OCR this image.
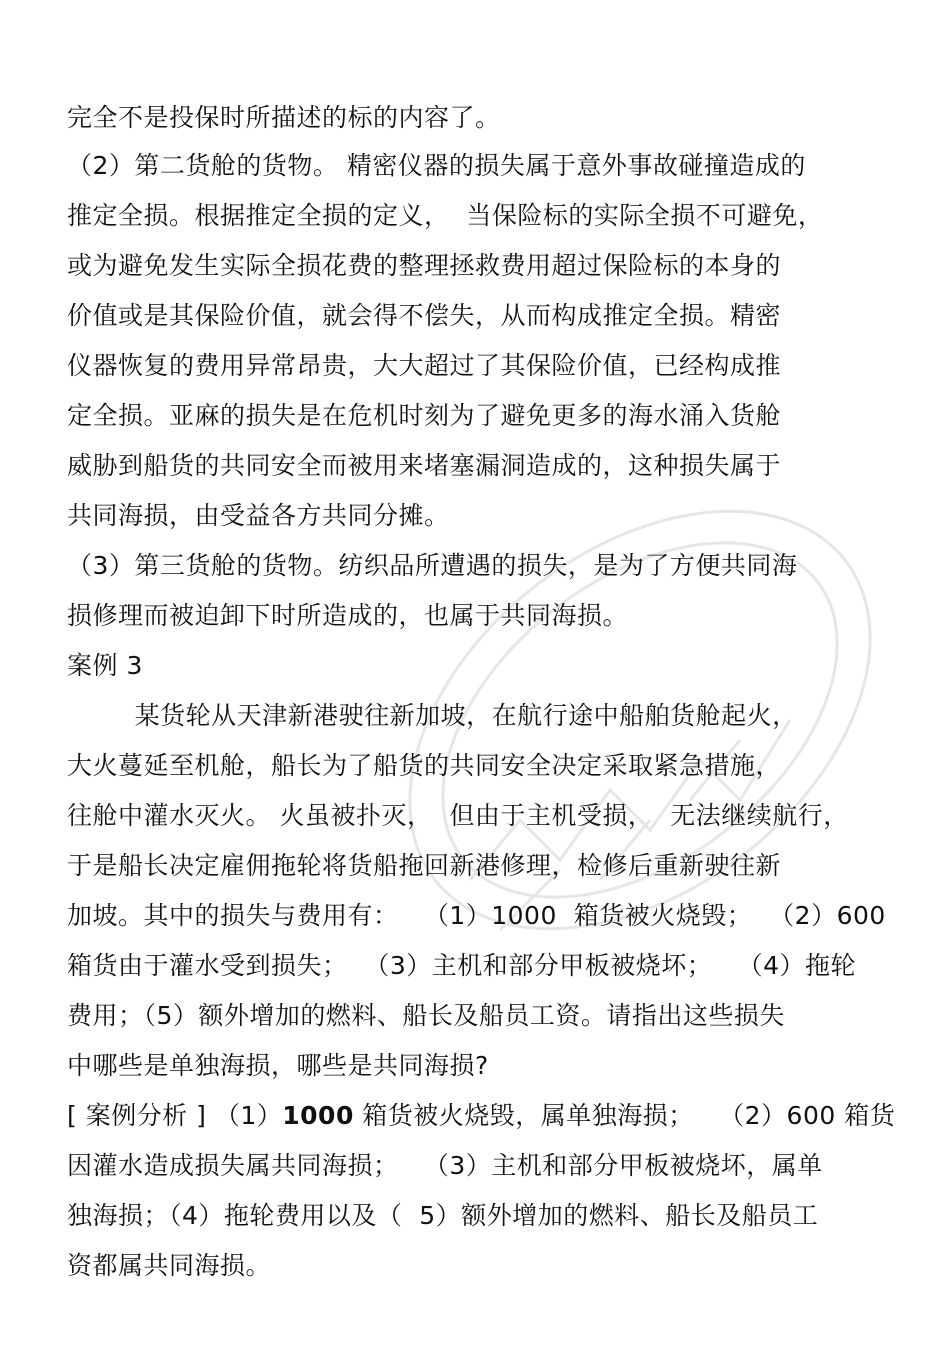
完全不是投保时所描述的标的内容了。
（2）第二货舱的货物。 精密仪器的损失属于意外事故碰撞造成的
推定全损。根据推定全损的定义，  当保险标的实际全损不可避免，
或为避免发生实际全损花费的整理拯救费用超过保险标的本身的
价值或是其保险价值，就会得不偿失，从而构成推定全损。精密
仪器恢复的费用异常昂贵，大大超过了其保险价值，已经构成推
定全损。亚麻的损失是在危机时刻为了避免更多的海水涌入货舱
威胁到船货的共同安全而被用来堵塞漏洞造成的，这种损失属于
共同海损，由受益各方共同分摊。
（3）第三货舱的货物。纺织品所遭遇的损失，是为了方便共同海
损修理而被迫卸下时所造成的，也属于共同海损。
案例 3
某货轮从天津新港驶往新加坡，在航行途中船舶货舱起火，
大火蔓延至机舱，船长为了船货的共同安全决定采取紧急措施，
往舱中灌水灭火。 火虽被扑灭，  但由于主机受损，  无法继续航行，
于是船长决定雇佣拖轮将货船拖回新港修理，检修后重新驶往新
加坡。其中的损失与费用有：   （1）1000  箱货被火烧毁；  （2）600
箱货由于灌水受到损失；  （3）主机和部分甲板被烧坏；   （4）拖轮
费用；（5）额外增加的燃料、船长及船员工资。请指出这些损失
中哪些是单独海损，哪些是共同海损?
[ 案例分析 ] （1）1000 箱货被火烧毁，属单独海损；   （2）600 箱货
因灌水造成损失属共同海损；   （3）主机和部分甲板被烧坏，属单
独海损；（4）拖轮费用以及（  5）额外增加的燃料、船长及船员工
资都属共同海损。
